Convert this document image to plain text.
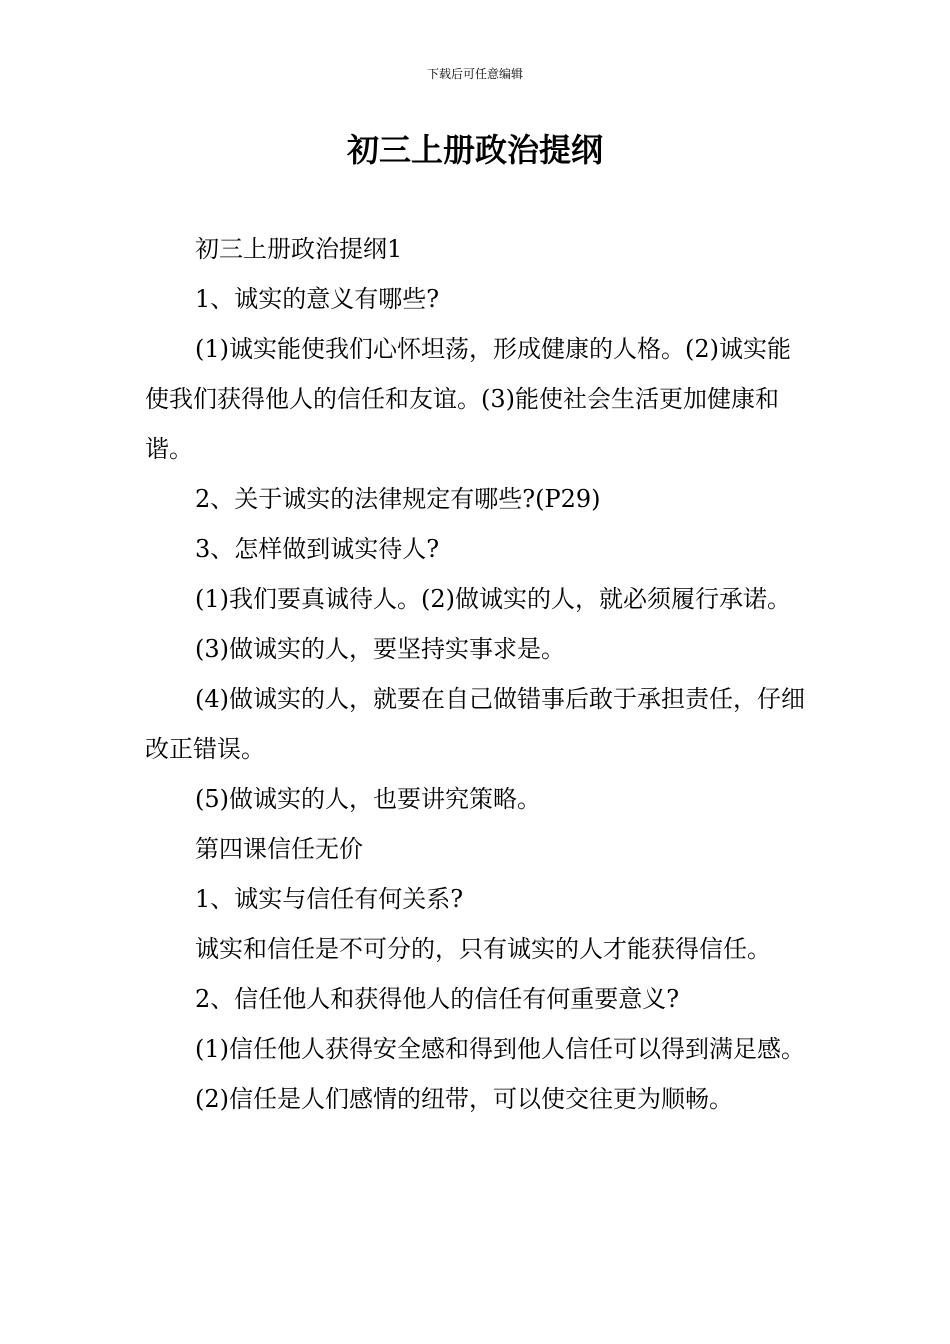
下载后可任意编辑
初三上册政治提纲

初三上册政治提纲1

1、诚实的意义有哪些?

(1)诚实能使我们心怀坦荡，形成健康的人格。(2)诚实能使我们获得他人的信任和友谊。(3)能使社会生活更加健康和谐。

2、关于诚实的法律规定有哪些?(P29)

3、怎样做到诚实待人?

(1)我们要真诚待人。(2)做诚实的人，就必须履行承诺。

(3)做诚实的人，要坚持实事求是。

(4)做诚实的人，就要在自己做错事后敢于承担责任，仔细改正错误。

(5)做诚实的人，也要讲究策略。

第四课信任无价

1、诚实与信任有何关系?

诚实和信任是不可分的，只有诚实的人才能获得信任。

2、信任他人和获得他人的信任有何重要意义?

(1)信任他人获得安全感和得到他人信任可以得到满足感。

(2)信任是人们感情的纽带，可以使交往更为顺畅。
